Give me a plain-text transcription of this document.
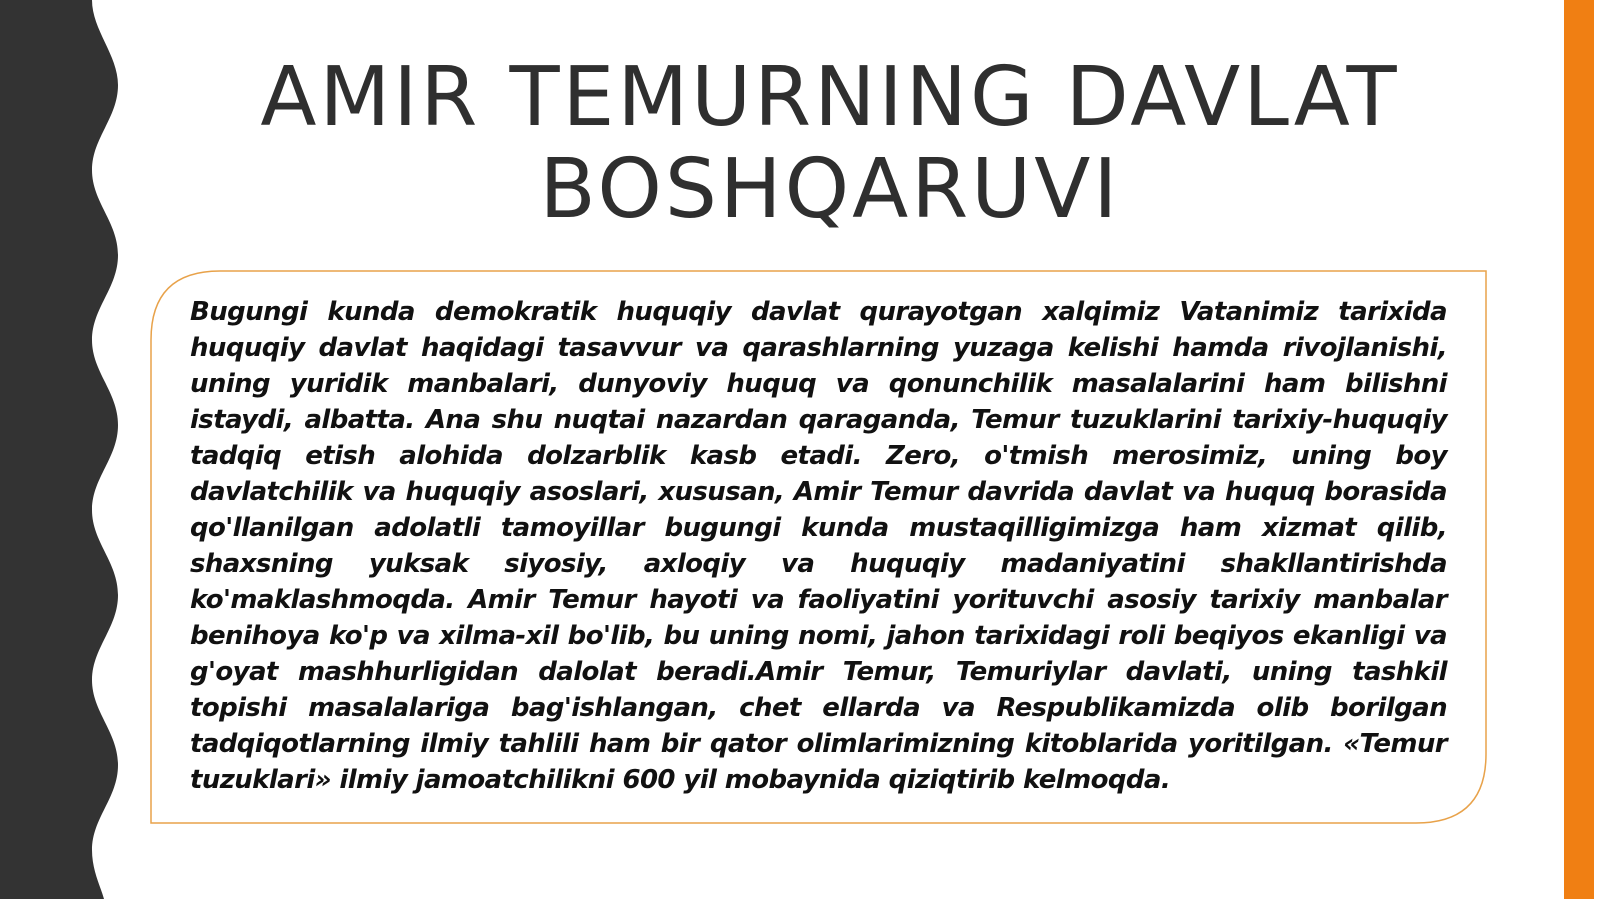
AMIR TEMURNING DAVLAT BOSHQARUVI

Bugungi kunda demokratik huquqiy davlat qurayotgan xalqimiz Vatanimiz tarixida huquqiy davlat haqidagi tasavvur va qarashlarning yuzaga kelishi hamda rivojlanishi, uning yuridik manbalari, dunyoviy huquq va qonunchilik masalalarini ham bilishni istaydi, albatta. Ana shu nuqtai nazardan qaraganda, Temur tuzuklarini tarixiy-huquqiy tadqiq etish alohida dolzarblik kasb etadi. Zero, o'tmish merosimiz, uning boy davlatchilik va huquqiy asoslari, xususan, Amir Temur davrida davlat va huquq borasida qo'llanilgan adolatli tamoyillar bugungi kunda mustaqilligimizga ham xizmat qilib, shaxsning yuksak siyosiy, axloqiy va huquqiy madaniyatini shakllantirishda ko'maklashmoqda. Amir Temur hayoti va faoliyatini yorituvchi asosiy tarixiy manbalar benihoya ko'p va xilma-xil bo'lib, bu uning nomi, jahon tarixidagi roli beqiyos ekanligi va g'oyat mashhurligidan dalolat beradi.Amir Temur, Temuriylar davlati, uning tashkil topishi masalalariga bag'ishlangan, chet ellarda va Respublikamizda olib borilgan tadqiqotlarning ilmiy tahlili ham bir qator olimlarimizning kitoblarida yoritilgan. «Temur tuzuklari» ilmiy jamoatchilikni 600 yil mobaynida qiziqtirib kelmoqda.
